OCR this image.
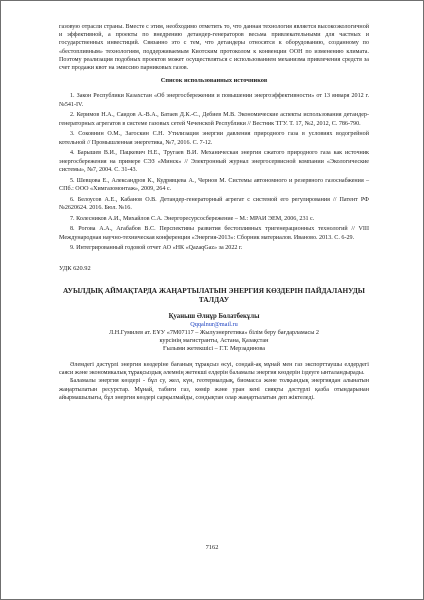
газовую отрасли страны. Вместе с этим, необходимо отметить то, что данная технология является высокоэкологичной и эффективной, а проекты по внедрению детандер-генераторов весьма привлекательными для частных и государственных инвестиций. Связанно это с тем, что детандеры относятся к оборудованию, созданному по «бестопливным» технологиям, поддерживаемым Киотским протоколом к конвенции ООН по изменению климата. Поэтому реализация подобных проектов может осуществляться с использованием механизма привлечения средств за счет продажи квот на эмиссию парниковых газов.

Список использованных источников

1. Закон Республики Казахстан «Об энергосбережении и повышении энергоэффективности» от 13 января 2012 г. №541-IV.

2. Керимов Н.А., Саидов А.-В.А., Батаев Д.К.-С., Дебиев М.В. Экономические аспекты использования детандер-генераторных агрегатов в системе газовых сетей Чеченской Республики // Вестник ТГУ. Т. 17, №2, 2012, С. 786-790.

3. Соковнин О.М., Загоскин С.Н. Утилизация энергии давления природного газа в условиях водогрейной котельной // Промышленная энергетика, №7, 2016. С. 7-12.

4. Барышев В.И., Пацкевич Н.Е., Тругаев В.И. Механическая энергия сжатого природного газа как источник энергосбережения на примере СЭЗ «Минск» // Электронный журнал энергосервисной компании «Экологические системы», №7, 2004. С. 31-43.

5. Шевцова Е., Александров К., Кудрявцева А., Чернов М. Системы автономного и резервного газоснабжения – СПб.: ООО «Химгазомонтаж», 2009, 264 с.

6. Белоусов А.Е., Кабанов О.В. Детандер-генераторный агрегат с системой его регулирования // Патент РФ №2620624. 2016. Бюл. №16.

7. Колесников А.И., Михайлов С.А. Энергоресурсосбережение – М.: МРАИ ЭЕМ, 2006, 231 с.

8. Рогова А.А., Агабабов В.С. Перспективы развития бестопливных тригенерационных технологий // VIII Международная научно-техническая конференция «Энергия-2013»: Сборник материалов. Иваново. 2013. С. 6-29.

9. Интегрированный годовой отчет АО «НК «QazaqGaz» за 2022 г.

УДК 620.92

АУЫЛДЫҚ АЙМАҚТАРДА ЖАҢАРТЫЛАТЫН ЭНЕРГИЯ КӨЗДЕРІН ПАЙДАЛАНУДЫ ТАЛДАУ

Қуаныш Әлнұр Болатбекұлы

Qqqalnur@mail.ru

Л.Н.Гумилев ат. ЕҰУ «7М07117 – Жылуэнергетика» білім беру бағдарламасы 2

курсінің магистранты, Астана, Қазақстан

Ғылыми жетекшісі – Г.Т. Мерзадинова

Әлемдегі дәстүрлі энергия көздеріне бағаның тұрақсыз өсуі, сондай-ақ мұнай мен газ экспорттаушы елдердегі саяси және экономикалық тұрақсыздық әлемнің жетекші елдерін баламалы энергия көздерін іздеуге ынталандырады.

Баламалы энергия көздері - бұл су, жел, күн, геотермалдық, биомасса және толқындық энергиядан алынатын жаңартылатын ресурстар. Мұнай, табиғи газ, көмір және уран кені сияқты дәстүрлі қазба отындарынан айырмашылығы, бұл энергия көздері сарқылмайды, сондықтан олар жаңартылатын деп жіктеледі.

7162
